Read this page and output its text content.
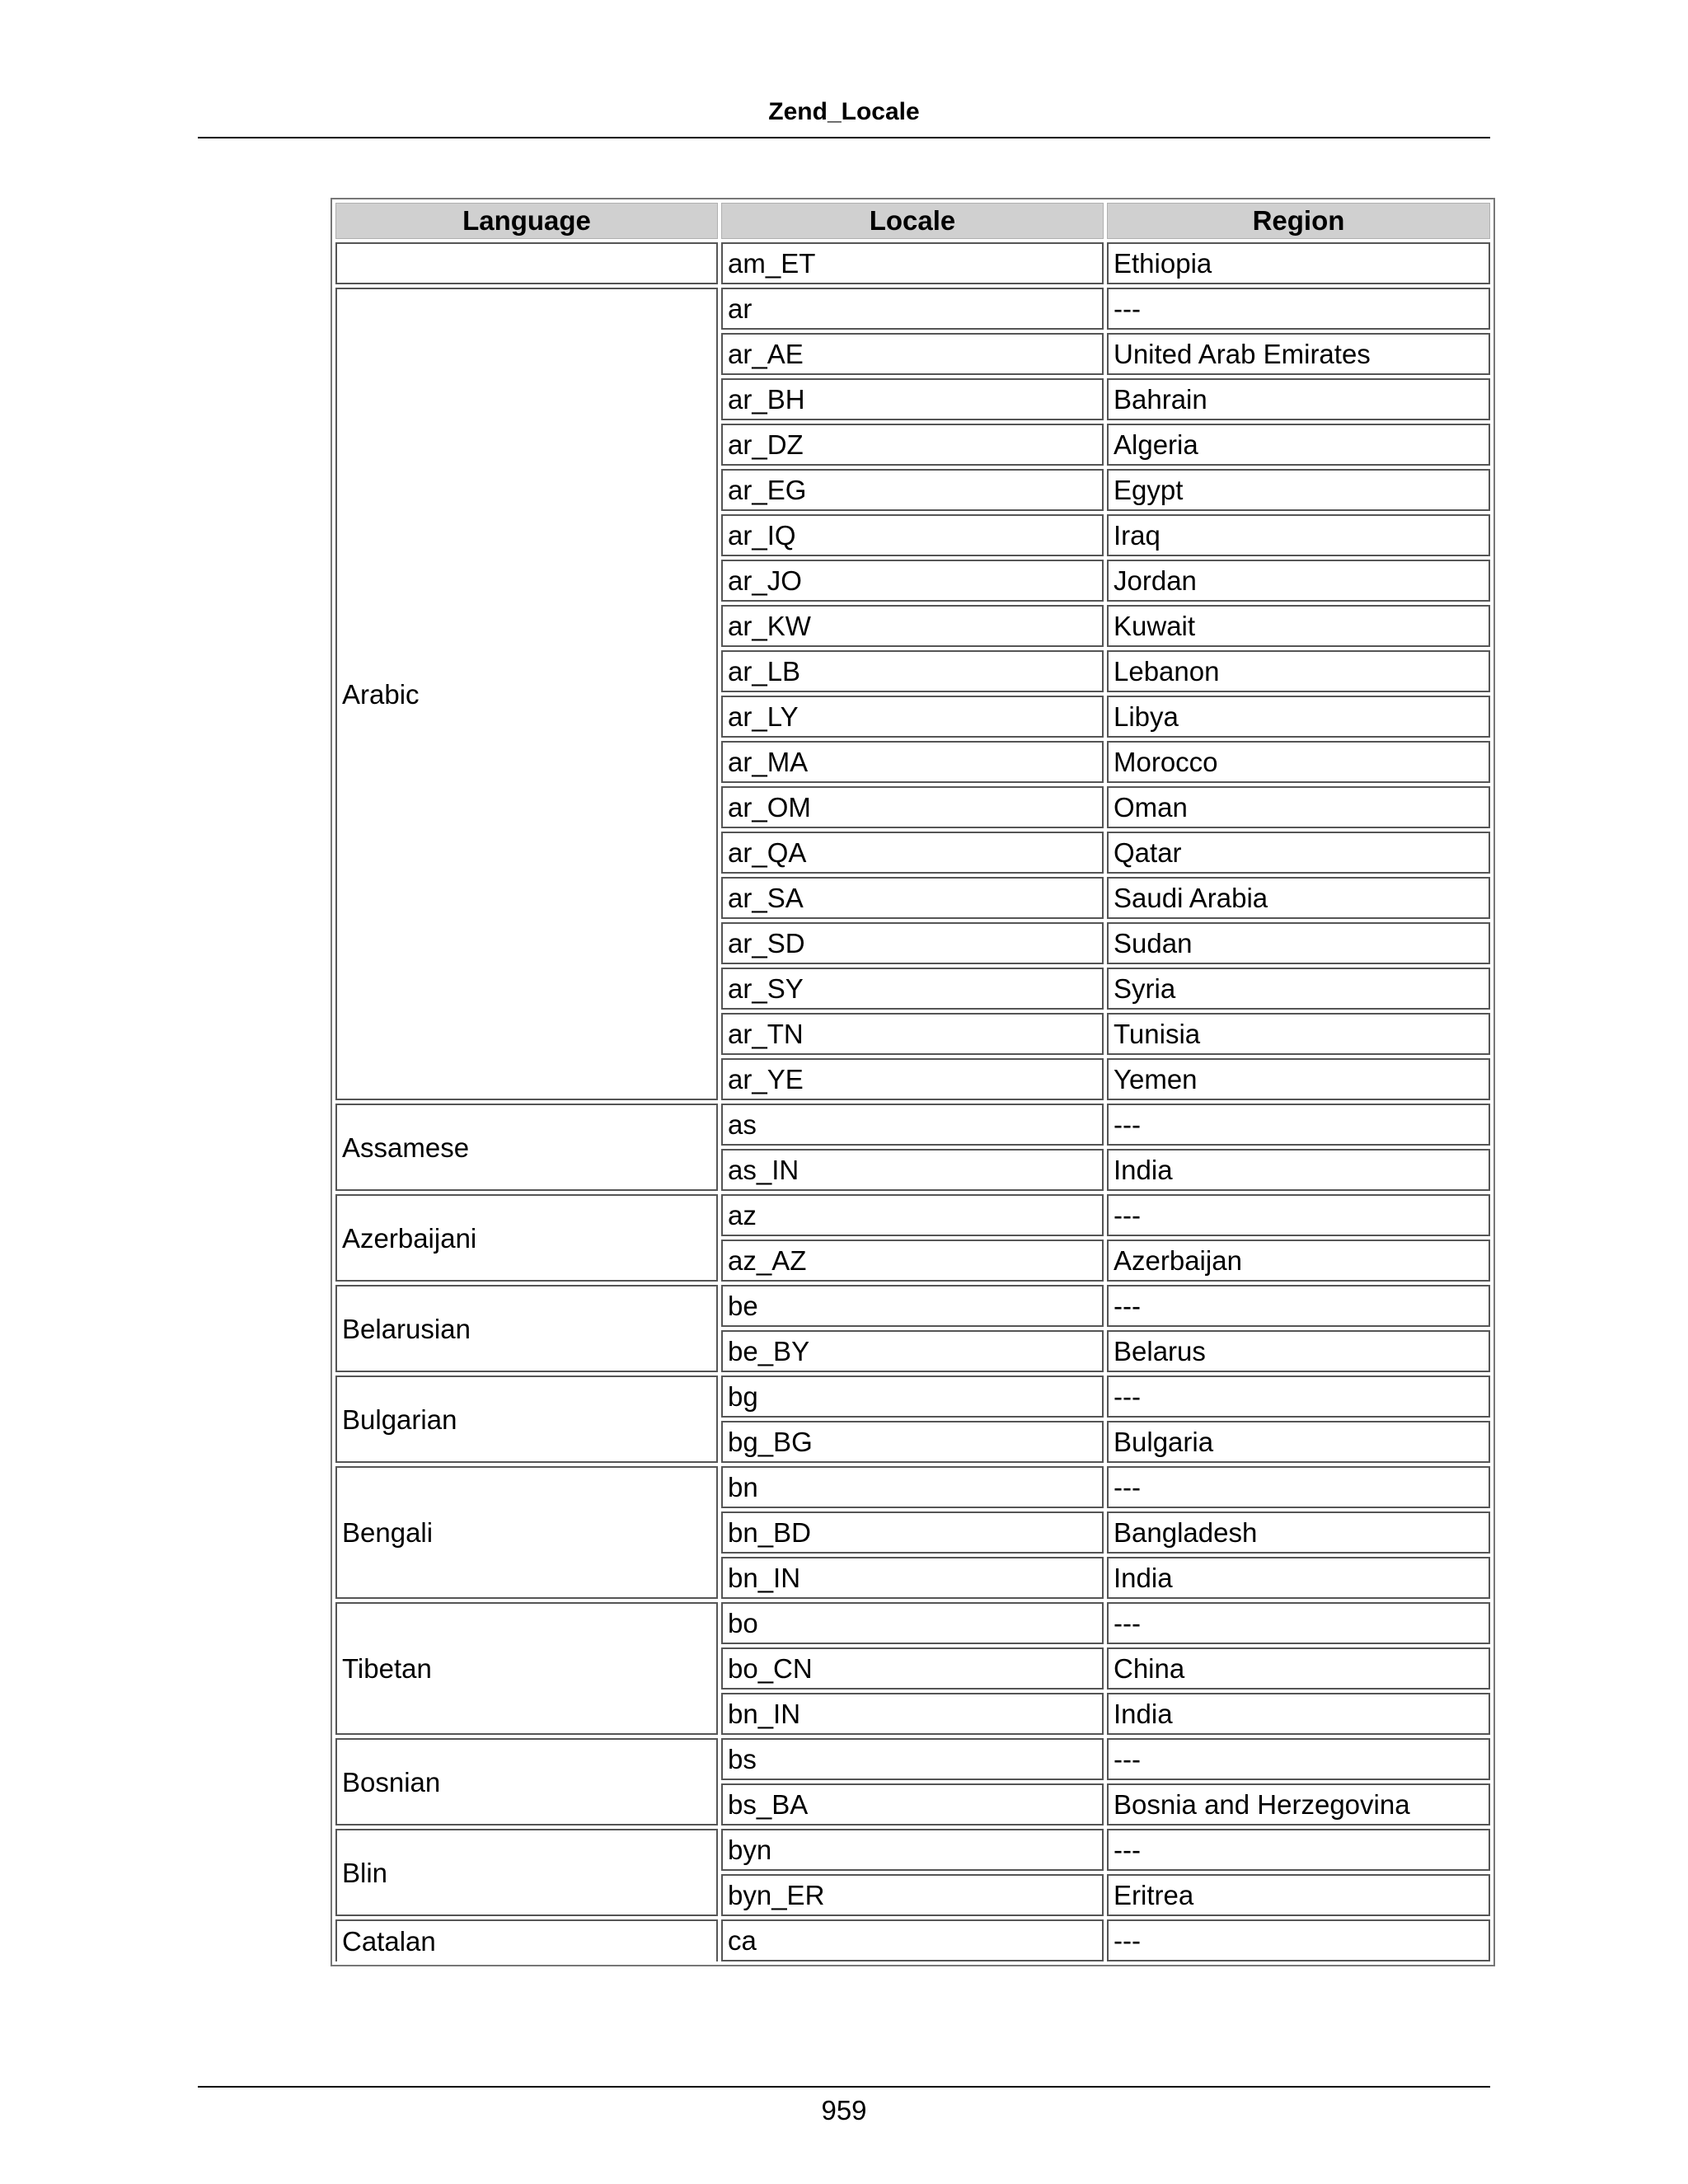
Zend_Locale
Language	Locale	Region
	am_ET	Ethiopia
Arabic	ar	---
	ar_AE	United Arab Emirates
	ar_BH	Bahrain
	ar_DZ	Algeria
	ar_EG	Egypt
	ar_IQ	Iraq
	ar_JO	Jordan
	ar_KW	Kuwait
	ar_LB	Lebanon
	ar_LY	Libya
	ar_MA	Morocco
	ar_OM	Oman
	ar_QA	Qatar
	ar_SA	Saudi Arabia
	ar_SD	Sudan
	ar_SY	Syria
	ar_TN	Tunisia
	ar_YE	Yemen
Assamese	as	---
	as_IN	India
Azerbaijani	az	---
	az_AZ	Azerbaijan
Belarusian	be	---
	be_BY	Belarus
Bulgarian	bg	---
	bg_BG	Bulgaria
Bengali	bn	---
	bn_BD	Bangladesh
	bn_IN	India
Tibetan	bo	---
	bo_CN	China
	bn_IN	India
Bosnian	bs	---
	bs_BA	Bosnia and Herzegovina
Blin	byn	---
	byn_ER	Eritrea
Catalan	ca	---
959
